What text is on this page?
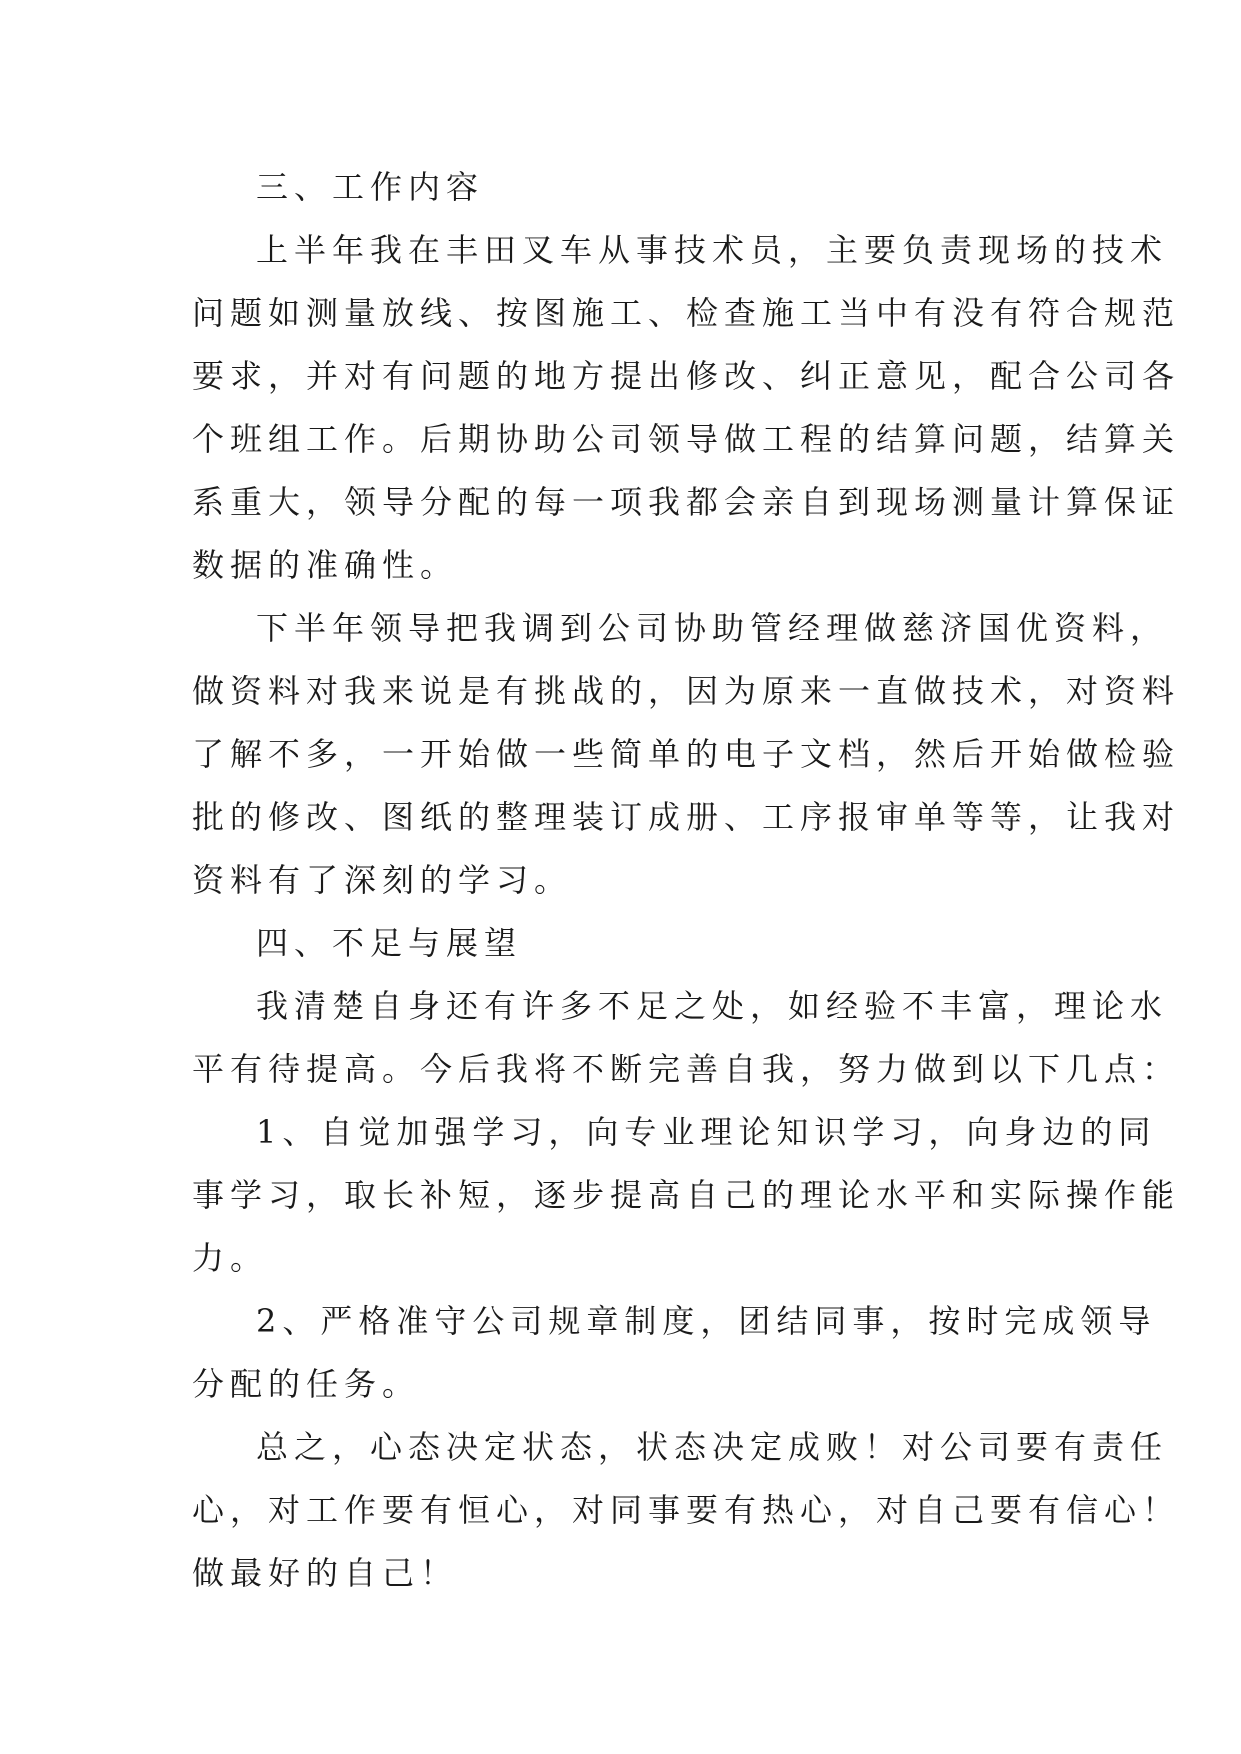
三、工作内容
上半年我在丰田叉车从事技术员，主要负责现场的技术
问题如测量放线、按图施工、检查施工当中有没有符合规范
要求，并对有问题的地方提出修改、纠正意见，配合公司各
个班组工作。后期协助公司领导做工程的结算问题，结算关
系重大，领导分配的每一项我都会亲自到现场测量计算保证
数据的准确性。
下半年领导把我调到公司协助管经理做慈济国优资料，
做资料对我来说是有挑战的，因为原来一直做技术，对资料
了解不多，一开始做一些简单的电子文档，然后开始做检验
批的修改、图纸的整理装订成册、工序报审单等等，让我对
资料有了深刻的学习。
四、不足与展望
我清楚自身还有许多不足之处，如经验不丰富，理论水
平有待提高。今后我将不断完善自我，努力做到以下几点：
1、自觉加强学习，向专业理论知识学习，向身边的同
事学习，取长补短，逐步提高自己的理论水平和实际操作能
力。
2、严格准守公司规章制度，团结同事，按时完成领导
分配的任务。
总之，心态决定状态，状态决定成败！对公司要有责任
心，对工作要有恒心，对同事要有热心，对自己要有信心！
做最好的自己！
